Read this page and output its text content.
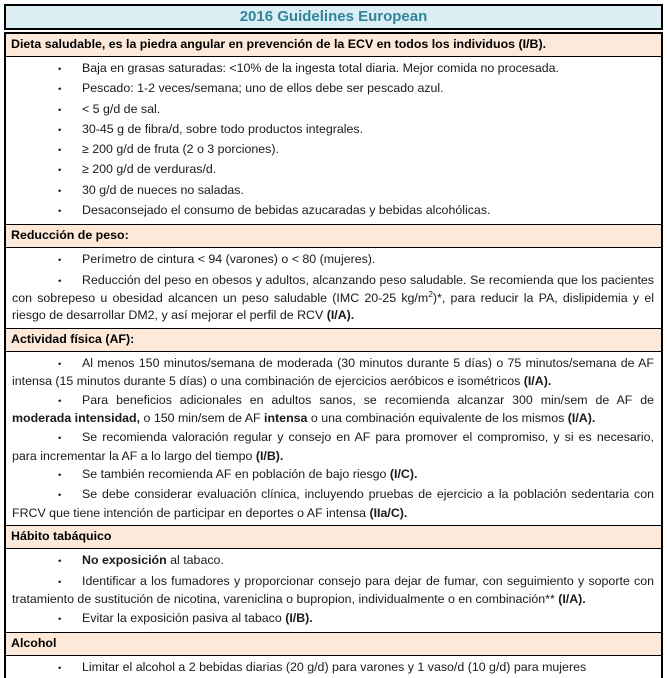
2016 Guidelines European
Dieta saludable, es la piedra angular en prevención de la ECV en todos los individuos (I/B).
• Baja en grasas saturadas: <10% de la ingesta total diaria. Mejor comida no procesada.
• Pescado: 1-2 veces/semana; uno de ellos debe ser pescado azul.
• < 5 g/d de sal.
• 30-45 g de fibra/d, sobre todo productos integrales.
• ≥ 200 g/d de fruta (2 o 3 porciones).
• ≥ 200 g/d de verduras/d.
• 30 g/d de nueces no saladas.
• Desaconsejado el consumo de bebidas azucaradas y bebidas alcohólicas.
Reducción de peso:
• Perímetro de cintura < 94 (varones) o < 80 (mujeres).
• Reducción del peso en obesos y adultos, alcanzando peso saludable. Se recomienda que los pacientes con sobrepeso u obesidad alcancen un peso saludable (IMC 20-25 $kg/m^2)*$, para reducir la PA, dislipidemia y el riesgo de desarrollar DM2, y así mejorar el perfil de RCV (I/A).
Actividad física (AF):
• Al menos 150 minutos/semana de moderada (30 minutos durante 5 días) o 75 minutos/semana de AF intensa (15 minutos durante 5 días) o una combinación de ejercicios aeróbicos e isométricos (I/A).
• Para beneficios adicionales en adultos sanos, se recomienda alcanzar 300 min/sem de AF de moderada intensidad, o 150 min/sem de AF intensa o una combinación equivalente de los mismos (I/A).
• Se recomienda valoración regular y consejo en AF para promover el compromiso, y si es necesario, para incrementar la AF a lo largo del tiempo (I/B).
• Se también recomienda AF en población de bajo riesgo (I/C).
• Se debe considerar evaluación clínica, incluyendo pruebas de ejercicio a la población sedentaria con FRCV que tiene intención de participar en deportes o AF intensa (IIa/C).
Hábito tabáquico
• No exposición al tabaco.
• Identificar a los fumadores y proporcionar consejo para dejar de fumar, con seguimiento y soporte con tratamiento de sustitución de nicotina, vareniclina o bupropion, individualmente o en combinación** (I/A).
• Evitar la exposición pasiva al tabaco (I/B).
Alcohol
• Limitar el alcohol a 2 bebidas diarias (20 g/d) para varones y 1 vaso/d (10 g/d) para mujeres
